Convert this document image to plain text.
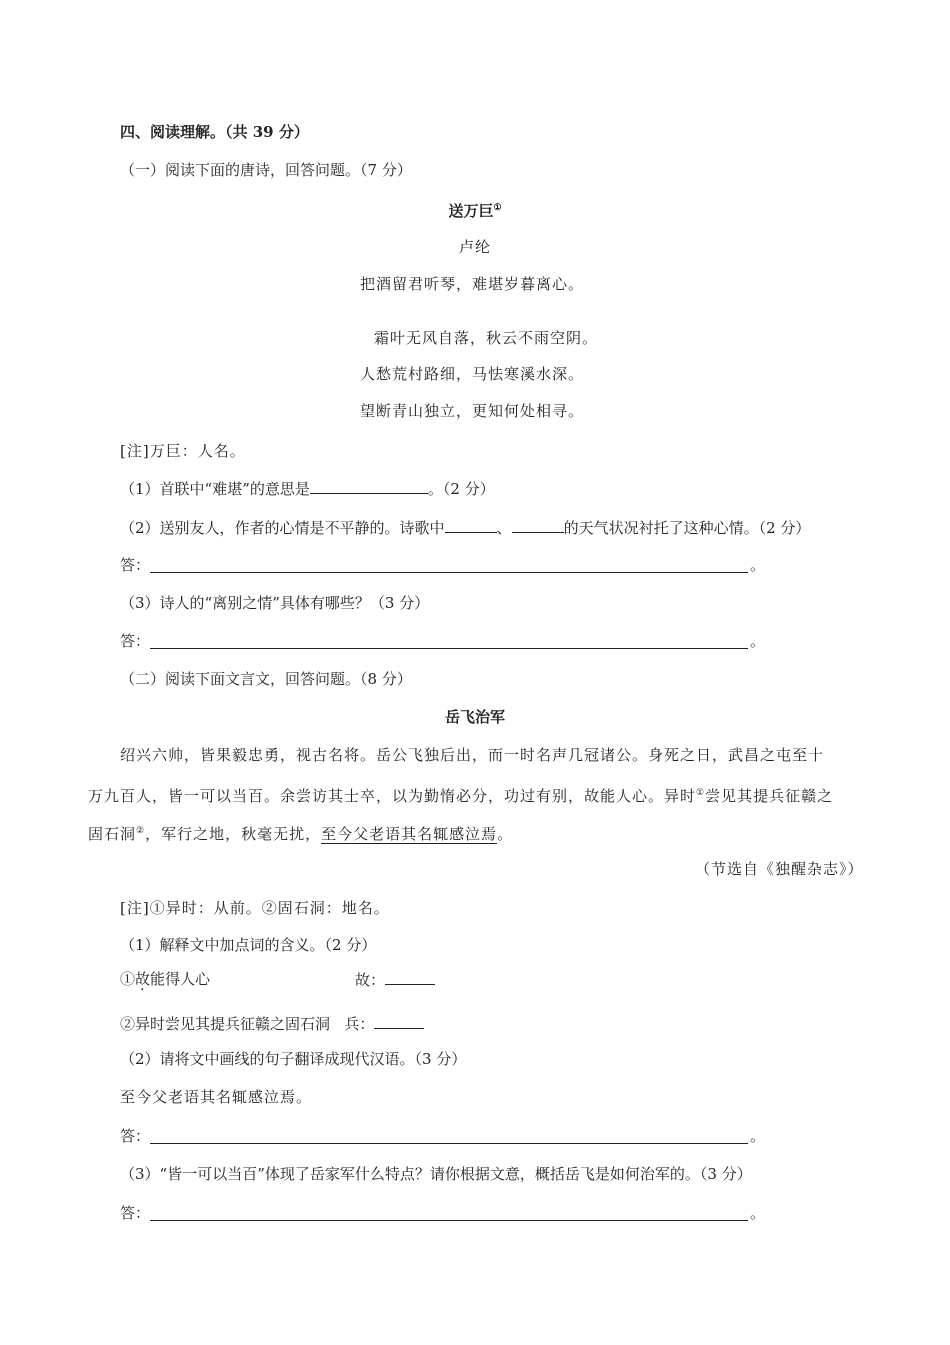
四、阅读理解。（共 39 分）
（一）阅读下面的唐诗，回答问题。（7 分）
送万巨①
卢纶
把酒留君听琴，难堪岁暮离心。
霜叶无风自落，秋云不雨空阴。
人愁荒村路细，马怯寒溪水深。
望断青山独立，更知何处相寻。
[注]万巨：人名。
（1）首联中“难堪”的意思是	。（2 分）
（2）送别友人，作者的心情是不平静的。诗歌中	、	的天气状况衬托了这种心情。（2 分）
答：	。
（3）诗人的“离别之情”具体有哪些？（3 分）
答：	。
（二）阅读下面文言文，回答问题。（8 分）
岳飞治军
绍兴六帅，皆果毅忠勇，视古名将。岳公飞独后出，而一时名声几冠诸公。身死之日，武昌之屯至十
万九百人，皆一可以当百。余尝访其士卒，以为勤惰必分，功过有别，故能人心。异时①尝见其提兵征赣之
固石洞②，军行之地，秋毫无扰，至今父老语其名辄感泣焉。
（节选自《独醒杂志》）
[注]①异时：从前。②固石洞：地名。
（1）解释文中加点词的含义。（2 分）
①故能得人心	故：
②异时尝见其提兵征赣之固石洞 兵：
（2）请将文中画线的句子翻译成现代汉语。（3 分）
至今父老语其名辄感泣焉。
答：	。
（3）“皆一可以当百”体现了岳家军什么特点？请你根据文意，概括岳飞是如何治军的。（3 分）
答：	。
